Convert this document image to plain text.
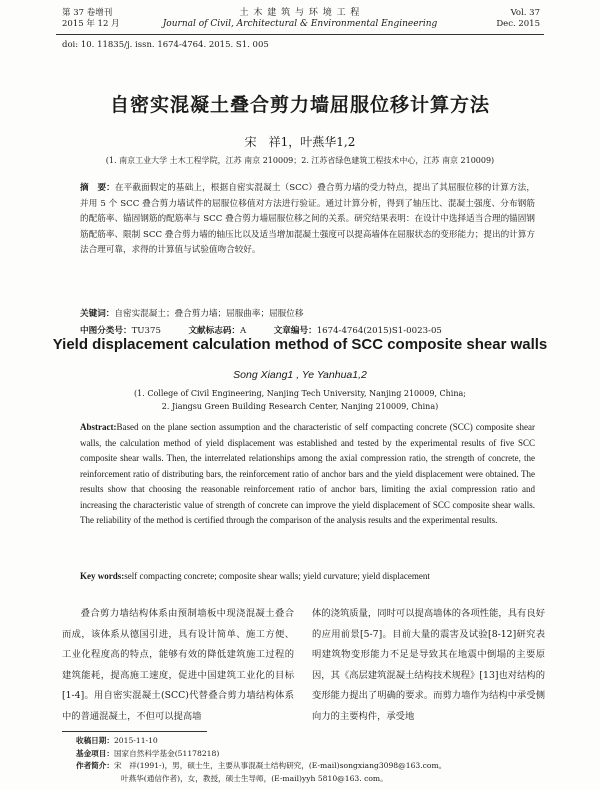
第 37 卷增刊
2015 年 12 月
土 木 建 筑 与 环 境 工 程
Journal of Civil, Architectural & Environmental Engineering
Vol. 37
Dec. 2015
doi: 10. 11835/j. issn. 1674-4764. 2015. S1. 005
自密实混凝土叠合剪力墙屈服位移计算方法
宋　祥1，叶燕华1,2
(1. 南京工业大学 土木工程学院，江苏 南京 210009；2. 江苏省绿色建筑工程技术中心，江苏 南京 210009)
摘　要：在平截面假定的基础上，根据自密实混凝土（SCC）叠合剪力墙的受力特点，提出了其屈服位移的计算方法，并用 5 个 SCC 叠合剪力墙试件的屈服位移值对方法进行验证。通过计算分析，得到了轴压比、混凝土强度、分布钢筋的配筋率、锚固钢筋的配筋率与 SCC 叠合剪力墙屈服位移之间的关系。研究结果表明：在设计中选择适当合理的锚固钢筋配筋率、限制 SCC 叠合剪力墙的轴压比以及适当增加混凝土强度可以提高墙体在屈服状态的变形能力；提出的计算方法合理可靠，求得的计算值与试验值吻合较好。
关键词：自密实混凝土；叠合剪力墙；屈服曲率；屈服位移
中图分类号：TU375	文献标志码：A	文章编号：1674-4764(2015)S1-0023-05
Yield displacement calculation method of SCC composite shear walls
Song Xiang1 , Ye Yanhua1,2
(1. College of Civil Engineering, Nanjing Tech University, Nanjing 210009, China;
2. Jiangsu Green Building Research Center, Nanjing 210009, China)
Abstract:Based on the plane section assumption and the characteristic of self compacting concrete (SCC) composite shear walls, the calculation method of yield displacement was established and tested by the experimental results of five SCC composite shear walls. Then, the interrelated relationships among the axial compression ratio, the strength of concrete, the reinforcement ratio of distributing bars, the reinforcement ratio of anchor bars and the yield displacement were obtained. The results show that choosing the reasonable reinforcement ratio of anchor bars, limiting the axial compression ratio and increasing the characteristic value of strength of concrete can improve the yield displacement of SCC composite shear walls. The reliability of the method is certified through the comparison of the analysis results and the experimental results.
Key words:self compacting concrete; composite shear walls; yield curvature; yield displacement
叠合剪力墙结构体系由预制墙板中现浇混凝土叠合而成，该体系从德国引进，具有设计简单、施工方便、工业化程度高的特点，能够有效的降低建筑施工过程的建筑能耗，提高施工速度，促进中国建筑工业化的目标[1-4]。用自密实混凝土(SCC)代替叠合剪力墙结构体系中的普通混凝土，不但可以提高墙
体的浇筑质量，同时可以提高墙体的各项性能，具有良好的应用前景[5-7]。目前大量的震害及试验[8-12]研究表明建筑物变形能力不足是导致其在地震中倒塌的主要原因，其《高层建筑混凝土结构技术规程》[13]也对结构的变形能力提出了明确的要求。而剪力墙作为结构中承受侧向力的主要构件，承受地
收稿日期：2015-11-10
基金项目：国家自然科学基金(51178218)
作者简介：宋　祥(1991-)，男，硕士生，主要从事混凝土结构研究，(E-mail)songxiang3098@163.com。
叶燕华(通信作者)，女，教授，硕士生导师，(E-mail)yyh 5810@163. com。
